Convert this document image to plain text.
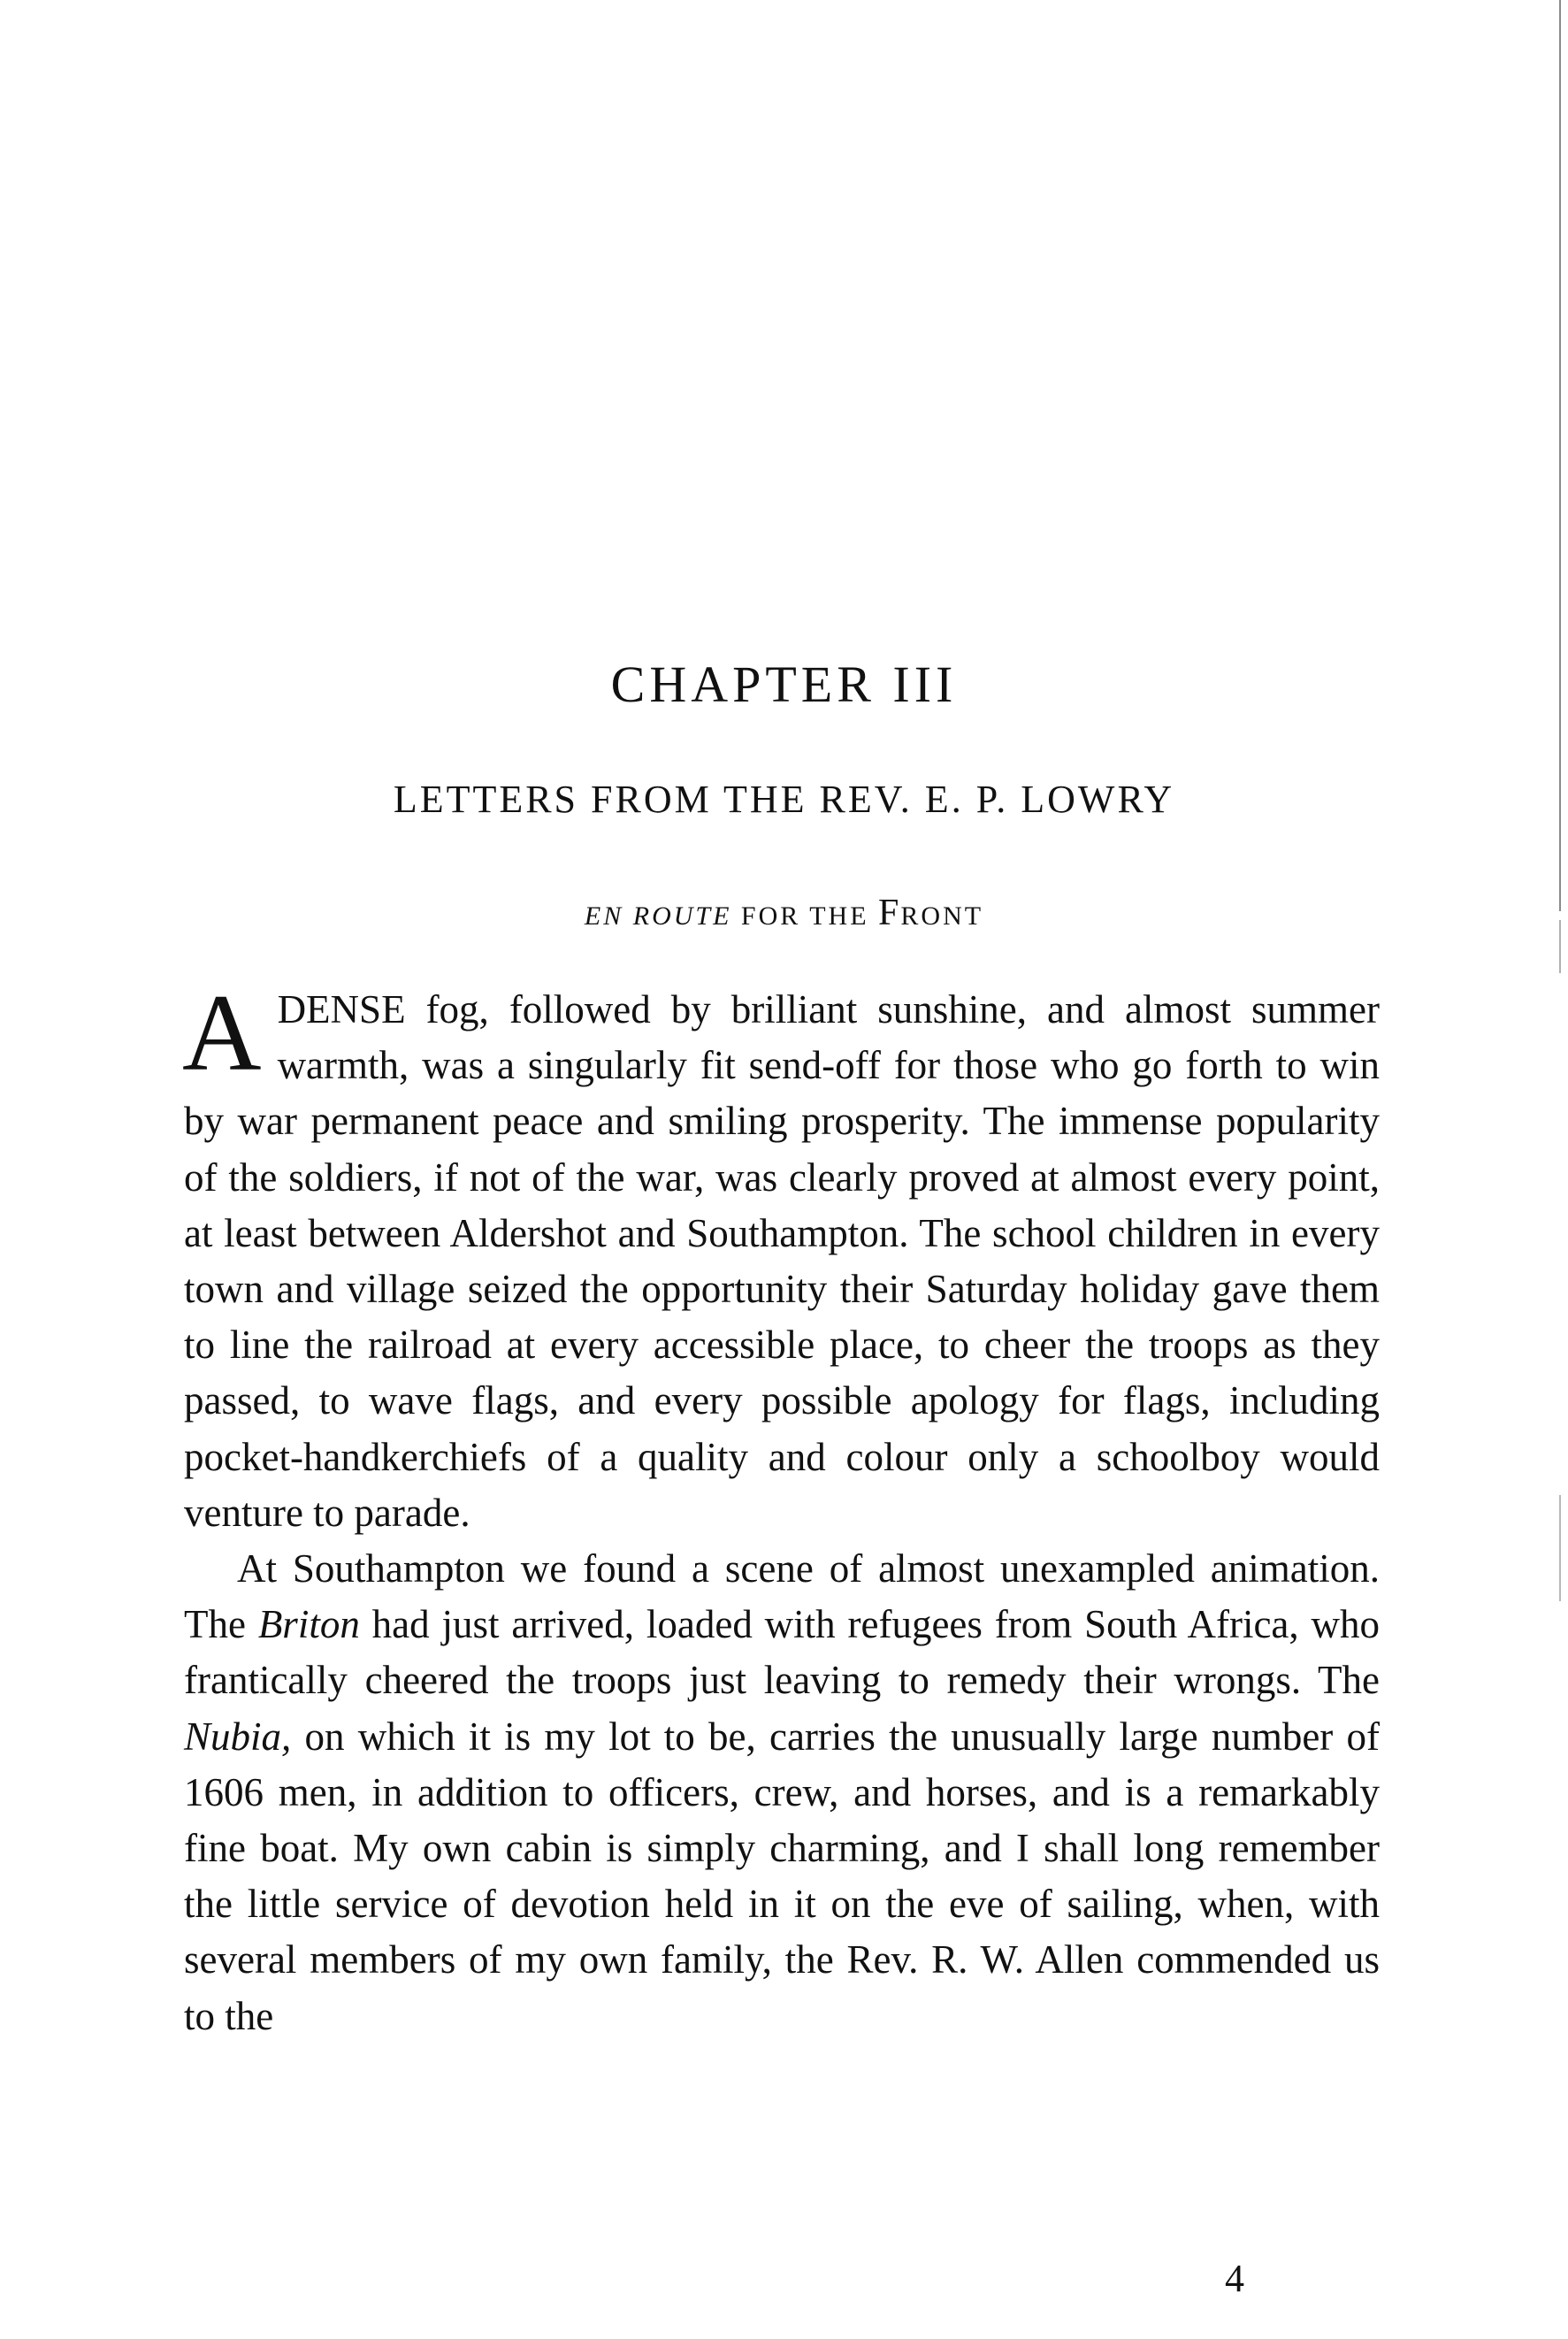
CHAPTER III
LETTERS FROM THE REV. E. P. LOWRY
EN ROUTE FOR THE FRONT

A DENSE fog, followed by brilliant sunshine, and almost summer warmth, was a singularly fit send-off for those who go forth to win by war permanent peace and smiling prosperity. The immense popularity of the soldiers, if not of the war, was clearly proved at almost every point, at least between Aldershot and Southampton. The school children in every town and village seized the opportunity their Saturday holiday gave them to line the railroad at every accessible place, to cheer the troops as they passed, to wave flags, and every possible apology for flags, including pocket-handkerchiefs of a quality and colour only a schoolboy would venture to parade.

At Southampton we found a scene of almost unexampled animation. The Briton had just arrived, loaded with refugees from South Africa, who frantically cheered the troops just leaving to remedy their wrongs. The Nubia, on which it is my lot to be, carries the unusually large number of 1606 men, in addition to officers, crew, and horses, and is a remarkably fine boat. My own cabin is simply charming, and I shall long remember the little service of devotion held in it on the eve of sailing, when, with several members of my own family, the Rev. R. W. Allen commended us to the

4
